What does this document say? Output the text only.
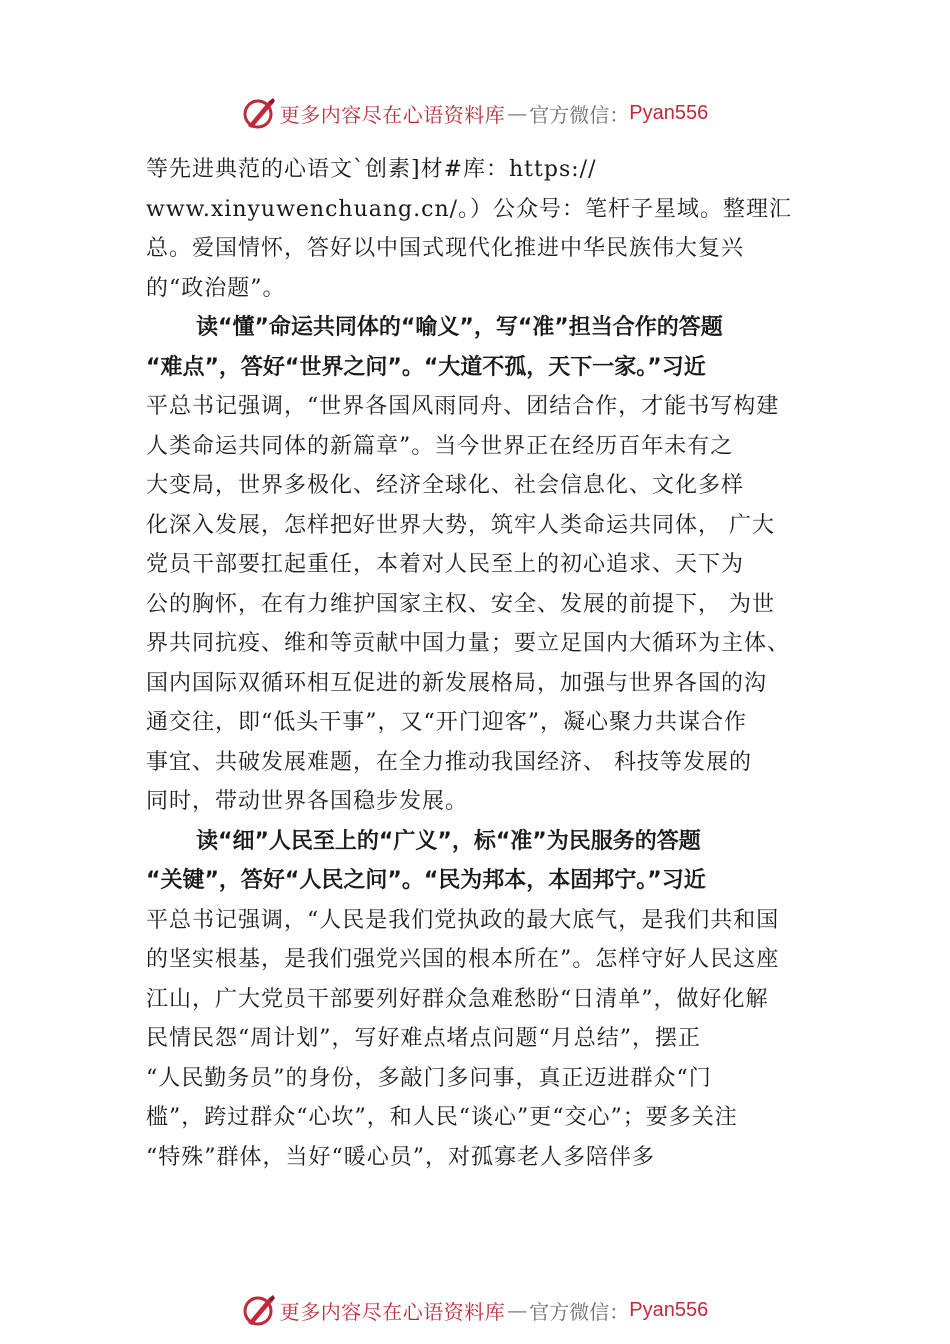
更多内容尽在心语资料库 — 官方微信： Pyan556
等先进典范的心语文`创素]材#库：https://
www.xinyuwenchuang.cn/。）公众号：笔杆子星域。整理汇
总。爱国情怀，答好以中国式现代化推进中华民族伟大复兴
的“政治题”。
读“懂”命运共同体的“喻义”，写“准”担当合作的答题
“难点”，答好“世界之问”。“大道不孤，天下一家。”习近
平总书记强调，“世界各国风雨同舟、团结合作，才能书写构建
人类命运共同体的新篇章”。当今世界正在经历百年未有之
大变局，世界多极化、经济全球化、社会信息化、文化多样
化深入发展，怎样把好世界大势，筑牢人类命运共同体， 广大
党员干部要扛起重任，本着对人民至上的初心追求、天下为
公的胸怀，在有力维护国家主权、安全、发展的前提下， 为世
界共同抗疫、维和等贡献中国力量；要立足国内大循环为主体、
国内国际双循环相互促进的新发展格局，加强与世界各国的沟
通交往，即“低头干事”，又“开门迎客”，凝心聚力共谋合作
事宜、共破发展难题，在全力推动我国经济、 科技等发展的
同时，带动世界各国稳步发展。
读“细”人民至上的“广义”，标“准”为民服务的答题
“关键”，答好“人民之问”。“民为邦本，本固邦宁。”习近
平总书记强调，“人民是我们党执政的最大底气，是我们共和国
的坚实根基，是我们强党兴国的根本所在”。怎样守好人民这座
江山，广大党员干部要列好群众急难愁盼“日清单”，做好化解
民情民怨“周计划”，写好难点堵点问题“月总结”，摆正
“人民勤务员”的身份，多敲门多问事，真正迈进群众“门
槛”，跨过群众“心坎”，和人民“谈心”更“交心”；要多关注
“特殊”群体，当好“暖心员”，对孤寡老人多陪伴多
更多内容尽在心语资料库 — 官方微信： Pyan556
